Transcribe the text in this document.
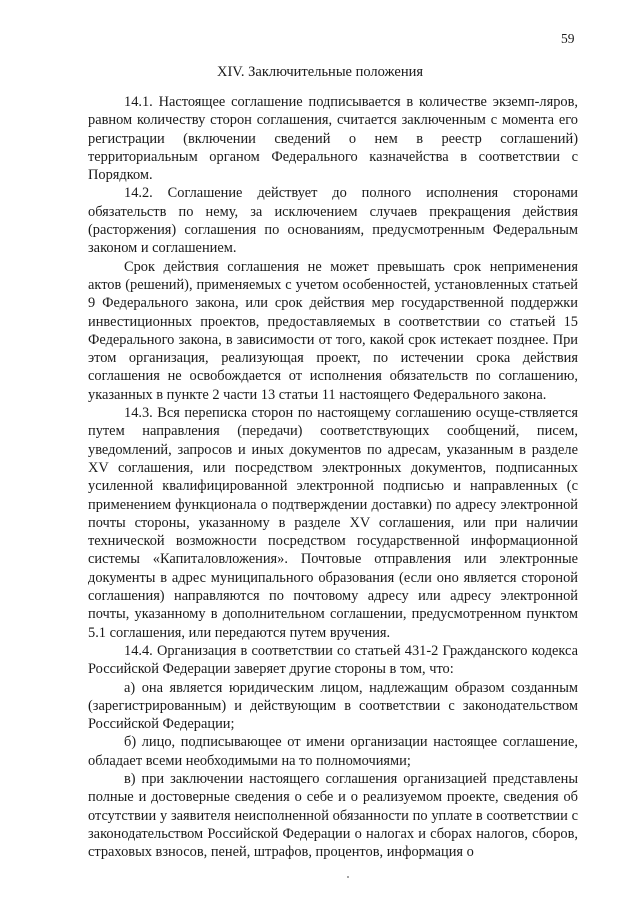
59
XIV. Заключительные положения

14.1. Настоящее соглашение подписывается в количестве экземп-ляров, равном количеству сторон соглашения, считается заключенным с момента его регистрации (включении сведений о нем в реестр соглашений) территориальным органом Федерального казначейства в соответствии с Порядком.

14.2. Соглашение действует до полного исполнения сторонами обязательств по нему, за исключением случаев прекращения действия (расторжения) соглашения по основаниям, предусмотренным Федеральным законом и соглашением.

Срок действия соглашения не может превышать срок неприменения актов (решений), применяемых с учетом особенностей, установленных статьей 9 Федерального закона, или срок действия мер государственной поддержки инвестиционных проектов, предоставляемых в соответствии со статьей 15 Федерального закона, в зависимости от того, какой срок истекает позднее. При этом организация, реализующая проект, по истечении срока действия соглашения не освобождается от исполнения обязательств по соглашению, указанных в пункте 2 части 13 статьи 11 настоящего Федерального закона.

14.3. Вся переписка сторон по настоящему соглашению осуще-ствляется путем направления (передачи) соответствующих сообщений, писем, уведомлений, запросов и иных документов по адресам, указанным в разделе XV соглашения, или посредством электронных документов, подписанных усиленной квалифицированной электронной подписью и направленных (с применением функционала о подтверждении доставки) по адресу электронной почты стороны, указанному в разделе XV соглашения, или при наличии технической возможности посредством государственной информационной системы «Капиталовложения». Почтовые отправления или электронные документы в адрес муниципального образования (если оно является стороной соглашения) направляются по почтовому адресу или адресу электронной почты, указанному в дополнительном соглашении, предусмотренном пунктом 5.1 соглашения, или передаются путем вручения.

14.4. Организация в соответствии со статьей 431-2 Гражданского кодекса Российской Федерации заверяет другие стороны в том, что:

а) она является юридическим лицом, надлежащим образом созданным (зарегистрированным) и действующим в соответствии с законодательством Российской Федерации;

б) лицо, подписывающее от имени организации настоящее соглашение, обладает всеми необходимыми на то полномочиями;

в) при заключении настоящего соглашения организацией представлены полные и достоверные сведения о себе и о реализуемом проекте, сведения об отсутствии у заявителя неисполненной обязанности по уплате в соответствии с законодательством Российской Федерации о налогах и сборах налогов, сборов, страховых взносов, пеней, штрафов, процентов, информация о
